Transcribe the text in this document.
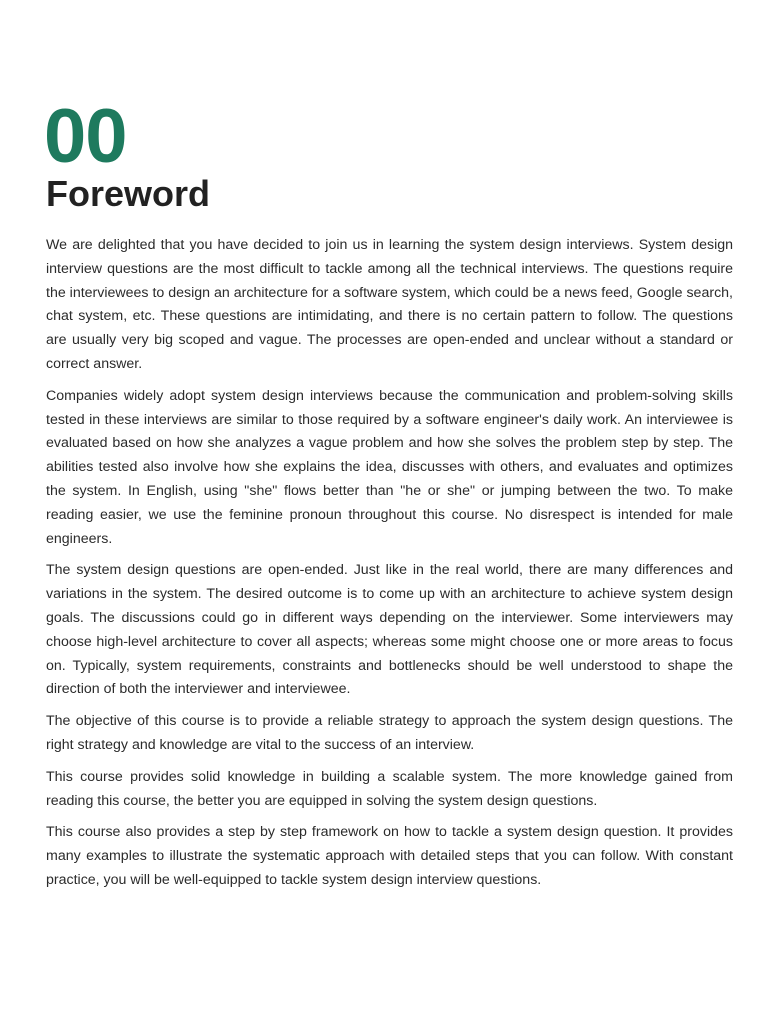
00
Foreword

We are delighted that you have decided to join us in learning the system design interviews. System design interview questions are the most difficult to tackle among all the technical interviews. The questions require the interviewees to design an architecture for a software system, which could be a news feed, Google search, chat system, etc. These questions are intimidating, and there is no certain pattern to follow. The questions are usually very big scoped and vague. The processes are open-ended and unclear without a standard or correct answer.

Companies widely adopt system design interviews because the communication and problem-solving skills tested in these interviews are similar to those required by a software engineer's daily work. An interviewee is evaluated based on how she analyzes a vague problem and how she solves the problem step by step. The abilities tested also involve how she explains the idea, discusses with others, and evaluates and optimizes the system. In English, using "she" flows better than "he or she" or jumping between the two. To make reading easier, we use the feminine pronoun throughout this course. No disrespect is intended for male engineers.

The system design questions are open-ended. Just like in the real world, there are many differences and variations in the system. The desired outcome is to come up with an architecture to achieve system design goals. The discussions could go in different ways depending on the interviewer. Some interviewers may choose high-level architecture to cover all aspects; whereas some might choose one or more areas to focus on. Typically, system requirements, constraints and bottlenecks should be well understood to shape the direction of both the interviewer and interviewee.

The objective of this course is to provide a reliable strategy to approach the system design questions. The right strategy and knowledge are vital to the success of an interview.

This course provides solid knowledge in building a scalable system. The more knowledge gained from reading this course, the better you are equipped in solving the system design questions.

This course also provides a step by step framework on how to tackle a system design question. It provides many examples to illustrate the systematic approach with detailed steps that you can follow. With constant practice, you will be well-equipped to tackle system design interview questions.
